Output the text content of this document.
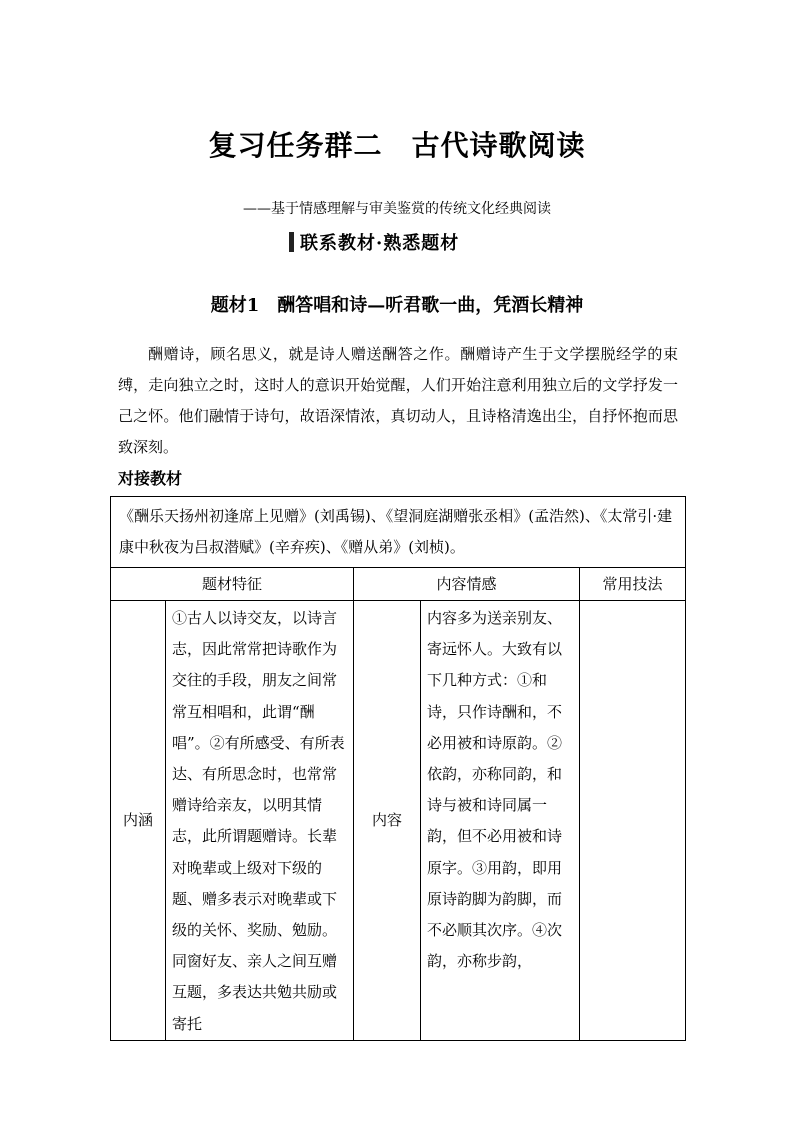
复习任务群二　古代诗歌阅读
——基于情感理解与审美鉴赏的传统文化经典阅读
联系教材·熟悉题材
题材1　酬答唱和诗—听君歌一曲，凭酒长精神

酬赠诗，顾名思义，就是诗人赠送酬答之作。酬赠诗产生于文学摆脱经学的束缚，走向独立之时，这时人的意识开始觉醒，人们开始注意利用独立后的文学抒发一己之怀。他们融情于诗句，故语深情浓，真切动人，且诗格清逸出尘，自抒怀抱而思致深刻。

对接教材
《酬乐天扬州初逢席上见赠》(刘禹锡)、《望洞庭湖赠张丞相》(孟浩然)、《太常引·建康中秋夜为吕叔潜赋》(辛弃疾)、《赠从弟》(刘桢)。				
题材特征		内容情感		常用技法
内涵	①古人以诗交友，以诗言志，因此常常把诗歌作为交往的手段，朋友之间常常互相唱和，此谓“酬唱”。②有所感受、有所表达、有所思念时，也常常赠诗给亲友，以明其情志，此所谓题赠诗。长辈对晚辈或上级对下级的题、赠多表示对晚辈或下级的关怀、奖励、勉励。同窗好友、亲人之间互赠互题，多表达共勉共励或寄托	内容	内容多为送亲别友、寄远怀人。大致有以下几种方式：①和诗，只作诗酬和，不必用被和诗原韵。②依韵，亦称同韵，和诗与被和诗同属一韵，但不必用被和诗原字。③用韵，即用原诗韵脚为韵脚，而不必顺其次序。④次韵，亦称步韵，	
